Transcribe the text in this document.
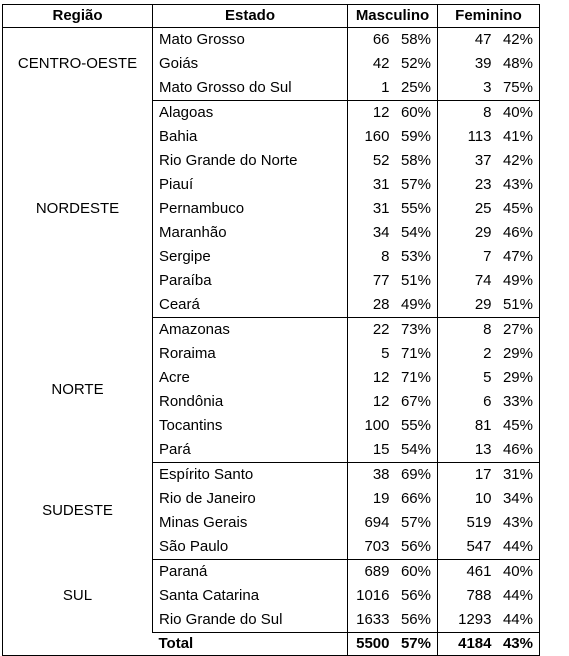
Região	Estado	Masculino		Feminino	
CENTRO-OESTE	Mato Grosso	66	58%	47	42%
	Goiás	42	52%	39	48%
	Mato Grosso do Sul	1	25%	3	75%
NORDESTE	Alagoas	12	60%	8	40%
	Bahia	160	59%	113	41%
	Rio Grande do Norte	52	58%	37	42%
	Piauí	31	57%	23	43%
	Pernambuco	31	55%	25	45%
	Maranhão	34	54%	29	46%
	Sergipe	8	53%	7	47%
	Paraíba	77	51%	74	49%
	Ceará	28	49%	29	51%
NORTE	Amazonas	22	73%	8	27%
	Roraima	5	71%	2	29%
	Acre	12	71%	5	29%
	Rondônia	12	67%	6	33%
	Tocantins	100	55%	81	45%
	Pará	15	54%	13	46%
SUDESTE	Espírito Santo	38	69%	17	31%
	Rio de Janeiro	19	66%	10	34%
	Minas Gerais	694	57%	519	43%
	São Paulo	703	56%	547	44%
SUL	Paraná	689	60%	461	40%
	Santa Catarina	1016	56%	788	44%
	Rio Grande do Sul	1633	56%	1293	44%
	Total	5500	57%	4184	43%
